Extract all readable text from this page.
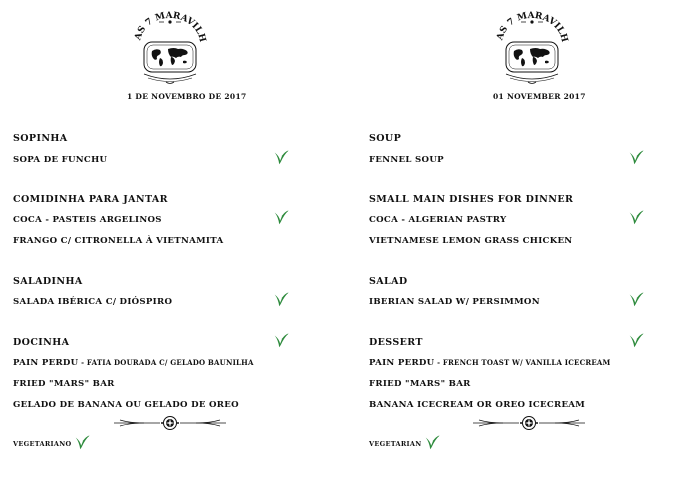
1 DE NOVEMBRO DE 2017
SOPINHA
SOPA DE FUNCHU
COMIDINHA PARA JANTAR
COCA - PASTEIS ARGELINOS
FRANGO C/ CITRONELLA À VIETNAMITA
SALADINHA
SALADA IBÉRICA C/ DIÓSPIRO
DOCINHA
PAIN PERDU - FATIA DOURADA C/ GELADO BAUNILHA
FRIED "MARS" BAR
GELADO DE BANANA OU GELADO DE OREO
VEGETARIANO
01 NOVEMBER 2017
SOUP
FENNEL SOUP
SMALL MAIN DISHES FOR DINNER
COCA - ALGERIAN PASTRY
VIETNAMESE LEMON GRASS CHICKEN
SALAD
IBERIAN SALAD W/ PERSIMMON
DESSERT
PAIN PERDU - FRENCH TOAST W/ VANILLA ICECREAM
FRIED "MARS" BAR
BANANA ICECREAM OR OREO ICECREAM
VEGETARIAN
